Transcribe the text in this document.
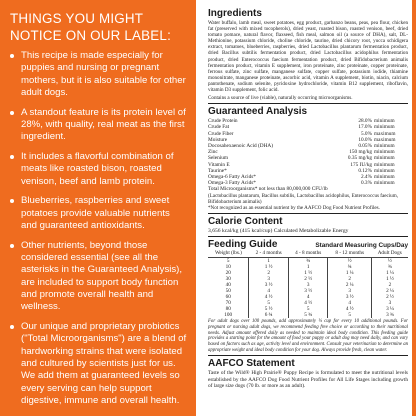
THINGS YOU MIGHT
NOTICE ON OUR LABEL:
This recipe is made especially for puppies and nursing or pregnant mothers, but it is also suitable for other adult dogs.
A standout feature is its protein level of 28%, with quality, real meat as the first ingredient.
It includes a flavorful combination of meats like roasted bison, roasted venison, beef and lamb protein.
Blueberries, raspberries and sweet potatoes provide valuable nutrients and guaranteed antioxidants.
Other nutrients, beyond those considered essential (see all the asterisks in the Guaranteed Analysis), are included to support body function and promote overall health and wellness.
Our unique and proprietary probiotics ("Total Microorganisms") are a blend of hardworking strains that were isolated and cultured by scientists just for us. We add them at guaranteed levels so every serving can help support digestive, immune and overall health.
Ingredients
Water buffalo, lamb meal, sweet potatoes, egg product, garbanzo beans, peas, pea flour, chicken fat (preserved with mixed tocopherols), dried yeast, roasted bison, roasted venison, beef, dried tomato pomace, natural flavor, flaxseed, fish meal, salmon oil (a source of DHA), salt, DL-Methionine, potassium chloride, choline chloride, taurine, dried chicory root, yucca schidigera extract, tomatoes, blueberries, raspberries, dried Lactobacillus plantarum fermentation product, dried Bacillus subtilis fermentation product, dried Lactobacillus acidophilus fermentation product, dried Enterococcus faecium fermentation product, dried Bifidobacterium animalis fermentation product, vitamin E supplement, iron proteinate, zinc proteinate, copper proteinate, ferrous sulfate, zinc sulfate, manganese sulfate, copper sulfate, potassium iodide, thiamine mononitrate, manganese proteinate, ascorbic acid, vitamin A supplement, biotin, niacin, calcium pantothenate, sodium selenite, pyridoxine hydrochloride, vitamin B12 supplement, riboflavin, vitamin D3 supplement, folic acid.
Contains a source of live (viable), naturally occurring microorganisms.
Guaranteed Analysis
Crude Protein	28.0%	minimum
Crude Fat	17.0%	minimum
Crude Fiber	5.0%	maximum
Moisture	10.0%	maximum
Docosahexaenoic Acid (DHA)	0.05%	minimum
Zinc	150 mg/kg	minimum
Selenium	0.35 mg/kg	minimum
Vitamin E	175 IU/kg	minimum
Taurine*	0.12%	minimum
Omega-6 Fatty Acids*	2.4%	minimum
Omega-3 Fatty Acids*	0.3%	minimum
Total Microorganisms* not less than 80,000,000 CFU/lb
(Lactobacillus plantarum, Bacillus subtilis, Lactobacillus acidophilus, Enterococcus faecium, Bifidobacterium animalis)
*Not recognized as an essential nutrient by the AAFCO Dog Food Nutrient Profiles.
Calorie Content
3,656 kcal/kg (415 kcal/cup) Calculated Metabolizable Energy
Feeding Guide	Standard Measuring Cups/Day
Weight (lbs.)	2 - 4 months	4 - 8 months	8 - 12 months	Adult Dogs
5	1	¾	½	½
10	1 ½	1	¾	¾
20	2	1 ½	1 ¼	1 ¼
30	3	2 ½	2	1 ½
40	3 ½	3	2 ¼	2
50	4	3 ½	3	2 ¼
60	4 ½	4	3 ½	2 ½
70	5	4 ½	4	3
80	5 ½	5	4 ½	3 ¼
100	6 ¾	5 ¾	5	3 ¾
For adult dogs over 100 pounds, add approximately ¼ cup for every 10 additional pounds. For pregnant or nursing adult dogs, we recommend feeding free choice or according to their nutritional needs. Adjust amount offered daily as needed to maintain ideal body condition. This feeding guide provides a starting point for the amount of food your puppy or adult dog may need daily, and can vary based on factors such as age, activity level and environment. Consult your veterinarian to determine an appropriate weight and ideal body condition for your dog. Always provide fresh, clean water.
AAFCO Statement
Taste of the Wild® High Prairie® Puppy Recipe is formulated to meet the nutritional levels established by the AAFCO Dog Food Nutrient Profiles for All Life Stages including growth of large size dogs (70 lb. or more as an adult).
